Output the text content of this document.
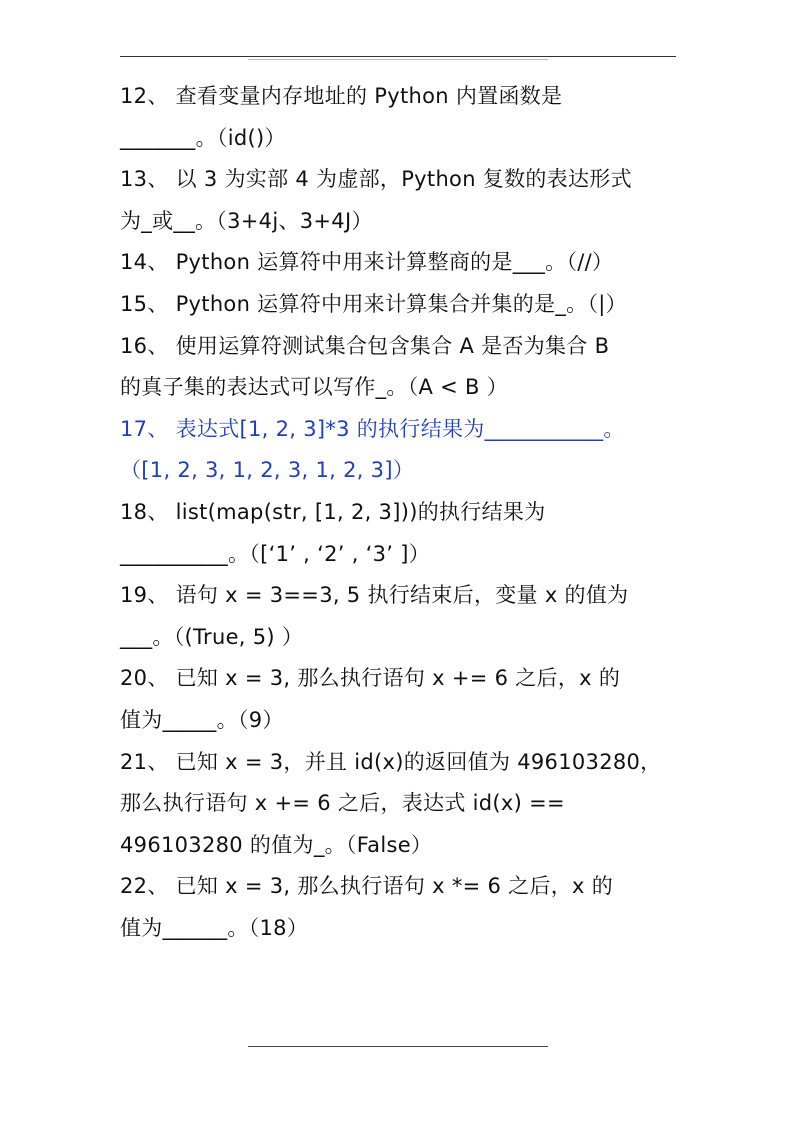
12、 查看变量内存地址的 Python 内置函数是
_______。（id()）
13、 以 3 为实部 4 为虚部，Python 复数的表达形式
为_或__。（3+4j、3+4J）
14、 Python 运算符中用来计算整商的是___。（//）
15、 Python 运算符中用来计算集合并集的是_。（|）
16、 使用运算符测试集合包含集合 A 是否为集合 B
的真子集的表达式可以写作_。（A < B ）
17、 表达式[1, 2, 3]*3 的执行结果为___________。
（[1, 2, 3, 1, 2, 3, 1, 2, 3]）
18、 list(map(str, [1, 2, 3]))的执行结果为
__________。（[‘1’ , ‘2’ , ‘3’ ]）
19、 语句 x = 3==3, 5 执行结束后，变量 x 的值为
___。（(True, 5) ）
20、 已知 x = 3, 那么执行语句 x += 6 之后，x 的
值为_____。（9）
21、 已知 x = 3，并且 id(x)的返回值为 496103280，
那么执行语句 x += 6 之后，表达式 id(x) ==
496103280 的值为_。（False）
22、 已知 x = 3, 那么执行语句 x *= 6 之后，x 的
值为______。（18）
